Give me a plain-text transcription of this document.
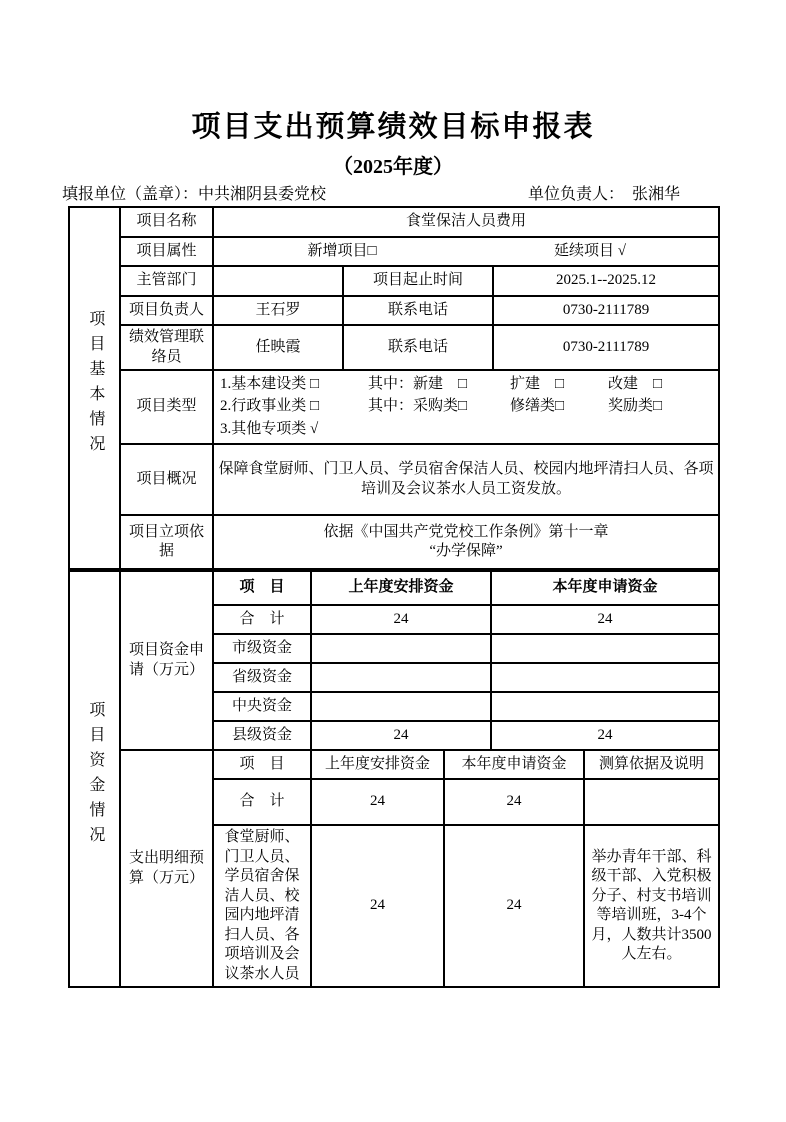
项目支出预算绩效目标申报表
（2025年度）
填报单位（盖章）：中共湘阴县委党校	单位负责人： 张湘华
项目基本情况	项目名称	食堂保洁人员费用		
	项目属性	新增项目□ 延续项目 √		

	主管部门		项目起止时间	2025.1--2025.12
	项目负责人	王石罗	联系电话	0730-2111789
	绩效管理联络员	任映霞	联系电话	0730-2111789
项目类型	
1.基本建设类 □	其中：新建　□	扩建　□	改建　□
2.行政事业类 □	其中：采购类□	修缮类□	奖励类□
3.其他专项类 √

	项目概况	保障食堂厨师、门卫人员、学员宿舍保洁人员、校园内地坪清扫人员、各项培训及会议茶水人员工资发放。		
	项目立项依据	依据《中国共产党党校工作条例》第十一章
“办学保障”		
项目资金情况	项目资金申请（万元）	项　目	上年度安排资金		本年度申请资金	
		合　计	24		24	
		市级资金				
		省级资金				
		中央资金				
		县级资金	24		24	
	支出明细预算（万元）	项　目	上年度安排资金	本年度申请资金		测算依据及说明
		合　计	24	24		
		食堂厨师、门卫人员、学员宿舍保洁人员、校园内地坪清扫人员、各项培训及会议茶水人员	24	24		举办青年干部、科级干部、入党积极分子、村支书培训等培训班，3-4个月，人数共计3500人左右。
